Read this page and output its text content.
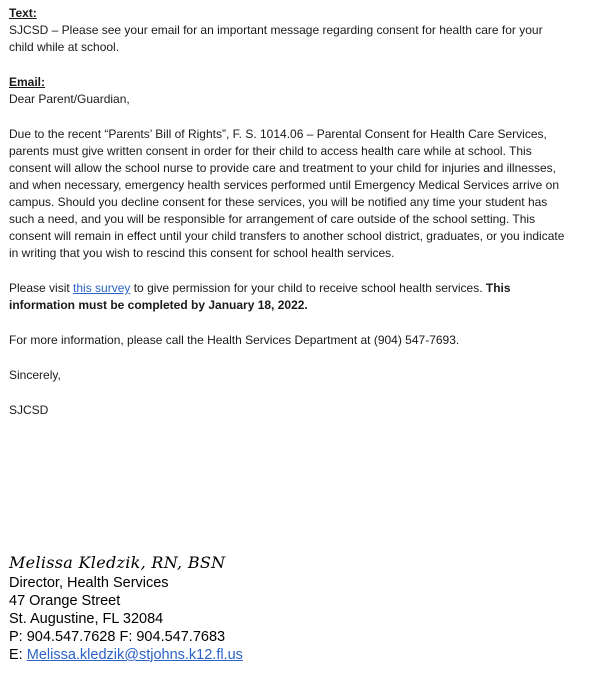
Text:

SJCSD – Please see your email for an important message regarding consent for health care for your child while at school.

Email:

Dear Parent/Guardian,

Due to the recent “Parents’ Bill of Rights”, F. S. 1014.06 – Parental Consent for Health Care Services, parents must give written consent in order for their child to access health care while at school. This consent will allow the school nurse to provide care and treatment to your child for injuries and illnesses, and when necessary, emergency health services performed until Emergency Medical Services arrive on campus. Should you decline consent for these services, you will be notified any time your student has such a need, and you will be responsible for arrangement of care outside of the school setting. This consent will remain in effect until your child transfers to another school district, graduates, or you indicate in writing that you wish to rescind this consent for school health services.

Please visit this survey to give permission for your child to receive school health services. This information must be completed by January 18, 2022.

For more information, please call the Health Services Department at (904) 547-7693.

Sincerely,

SJCSD

Melissa Kledzik, RN, BSN
Director, Health Services
47 Orange Street
St. Augustine, FL 32084
P: 904.547.7628 F: 904.547.7683
E: Melissa.kledzik@stjohns.k12.fl.us
